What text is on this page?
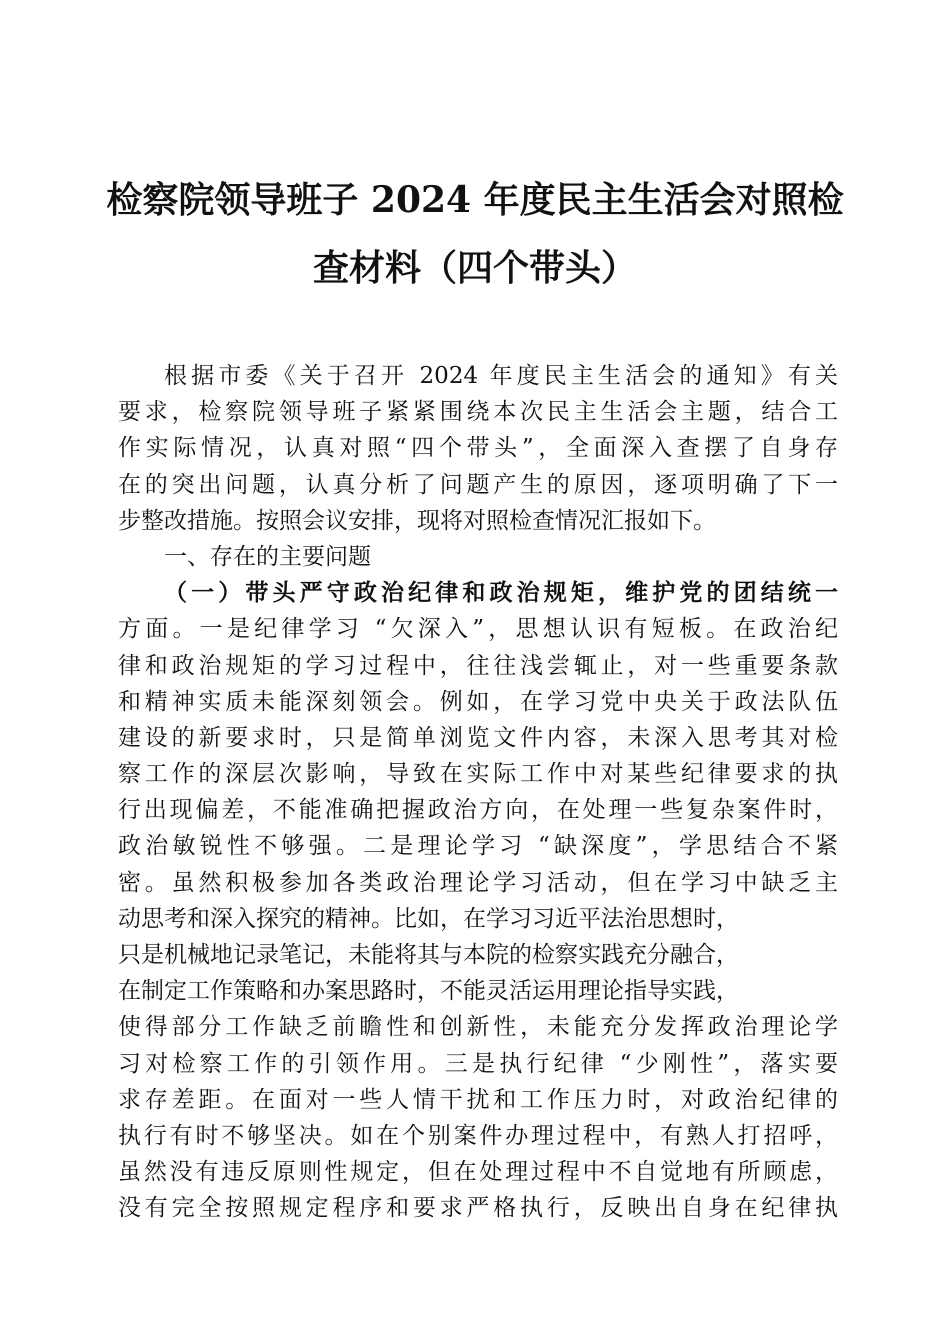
检察院领导班子 2024 年度民主生活会对照检
查材料（四个带头）
根据市委《关于召开 2024 年度民主生活会的通知》有关
要求，检察院领导班子紧紧围绕本次民主生活会主题，结合工
作实际情况，认真对照“四个带头”，全面深入查摆了自身存
在的突出问题，认真分析了问题产生的原因，逐项明确了下一
步整改措施。按照会议安排，现将对照检查情况汇报如下。
一、存在的主要问题
（一）带头严守政治纪律和政治规矩，维护党的团结统一
方面。一是纪律学习 “欠深入”，思想认识有短板。在政治纪
律和政治规矩的学习过程中，往往浅尝辄止，对一些重要条款
和精神实质未能深刻领会。例如，在学习党中央关于政法队伍
建设的新要求时，只是简单浏览文件内容，未深入思考其对检
察工作的深层次影响，导致在实际工作中对某些纪律要求的执
行出现偏差，不能准确把握政治方向，在处理一些复杂案件时，
政治敏锐性不够强。二是理论学习 “缺深度”，学思结合不紧
密。虽然积极参加各类政治理论学习活动，但在学习中缺乏主
动思考和深入探究的精神。比如，在学习习近平法治思想时，
只是机械地记录笔记，未能将其与本院的检察实践充分融合，
在制定工作策略和办案思路时，不能灵活运用理论指导实践，
使得部分工作缺乏前瞻性和创新性，未能充分发挥政治理论学
习对检察工作的引领作用。三是执行纪律 “少刚性”，落实要
求存差距。在面对一些人情干扰和工作压力时，对政治纪律的
执行有时不够坚决。如在个别案件办理过程中，有熟人打招呼，
虽然没有违反原则性规定，但在处理过程中不自觉地有所顾虑，
没有完全按照规定程序和要求严格执行，反映出自身在纪律执
